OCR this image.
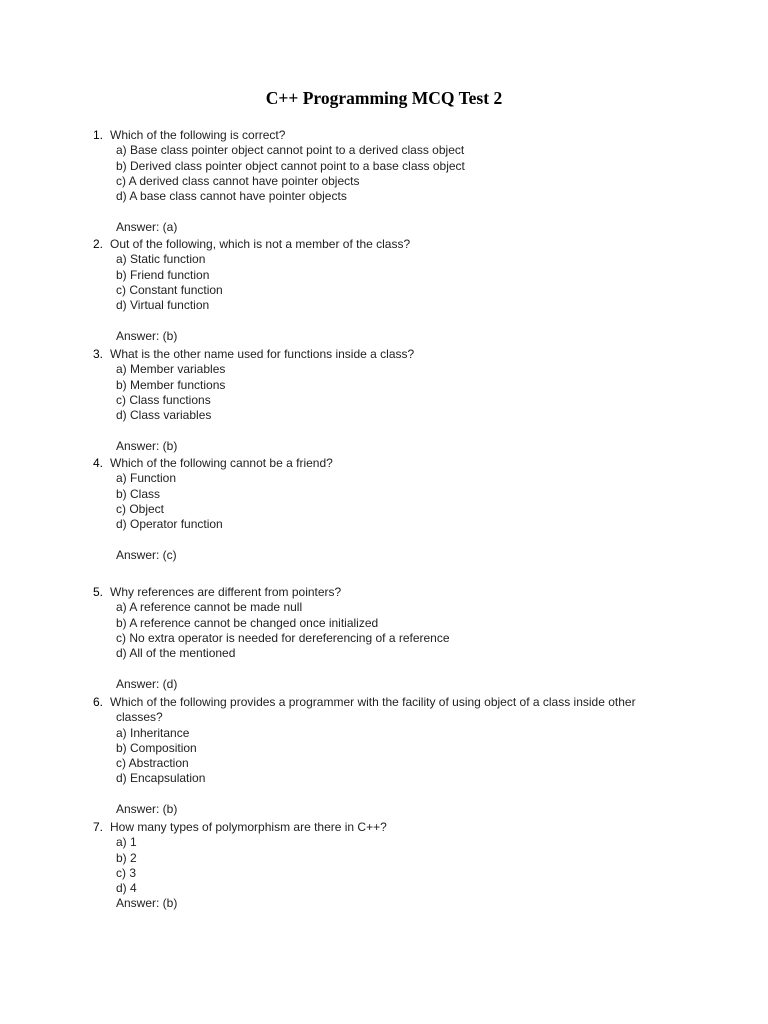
C++ Programming MCQ Test 2
1. Which of the following is correct?
a) Base class pointer object cannot point to a derived class object
b) Derived class pointer object cannot point to a base class object
c) A derived class cannot have pointer objects
d) A base class cannot have pointer objects
Answer: (a)
2. Out of the following, which is not a member of the class?
a) Static function
b) Friend function
c) Constant function
d) Virtual function
Answer: (b)
3. What is the other name used for functions inside a class?
a) Member variables
b) Member functions
c) Class functions
d) Class variables
Answer: (b)
4. Which of the following cannot be a friend?
a) Function
b) Class
c) Object
d) Operator function
Answer: (c)
5. Why references are different from pointers?
a) A reference cannot be made null
b) A reference cannot be changed once initialized
c) No extra operator is needed for dereferencing of a reference
d) All of the mentioned
Answer: (d)
6. Which of the following provides a programmer with the facility of using object of a class inside other
classes?
a) Inheritance
b) Composition
c) Abstraction
d) Encapsulation
Answer: (b)
7. How many types of polymorphism are there in C++?
a) 1
b) 2
c) 3
d) 4
Answer: (b)
